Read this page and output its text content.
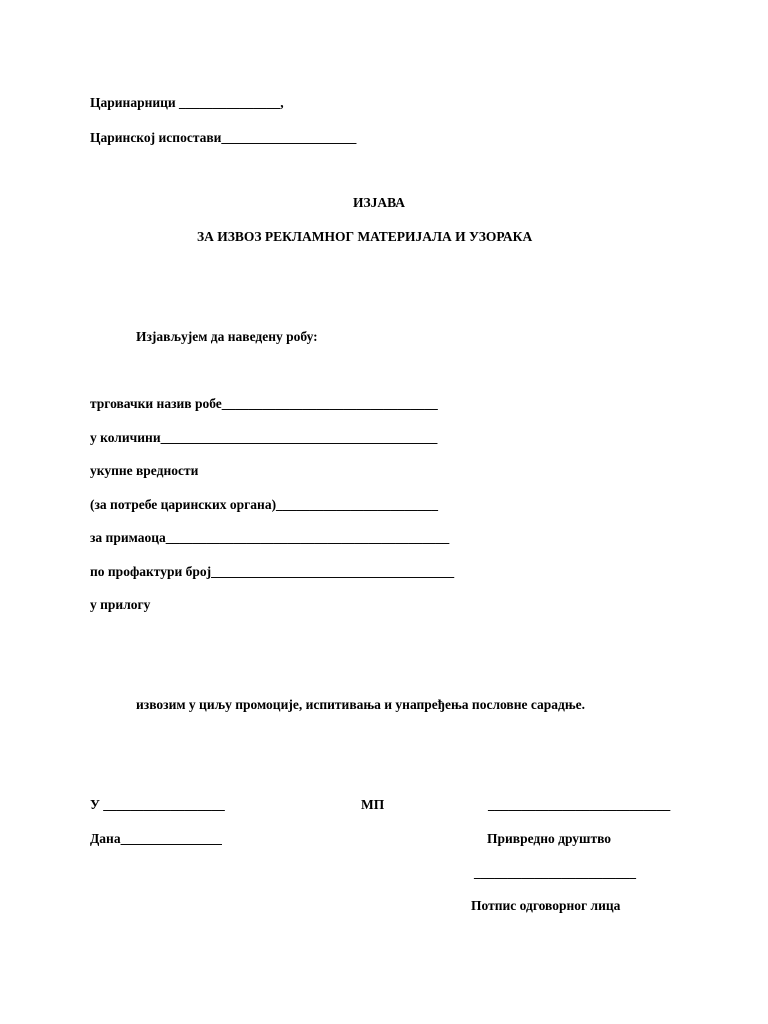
Царинарници _______________,
Царинској испостави____________________
ИЗЈАВА
ЗА ИЗВОЗ РЕКЛАМНОГ МАТЕРИЈАЛА И УЗОРАКА
Изјављујем да наведену робу:
трговачки назив робе________________________________
у количини_________________________________________
укупне вредности
(за потребе царинских органа)________________________
за примаоца__________________________________________
по профактури број____________________________________
у прилогу
извозим у циљу промоције, испитивања и унапређења пословне сарадње.
У __________________	МП	___________________________
Дана_______________	Привредно друштво
________________________
Потпис одговорног лица
